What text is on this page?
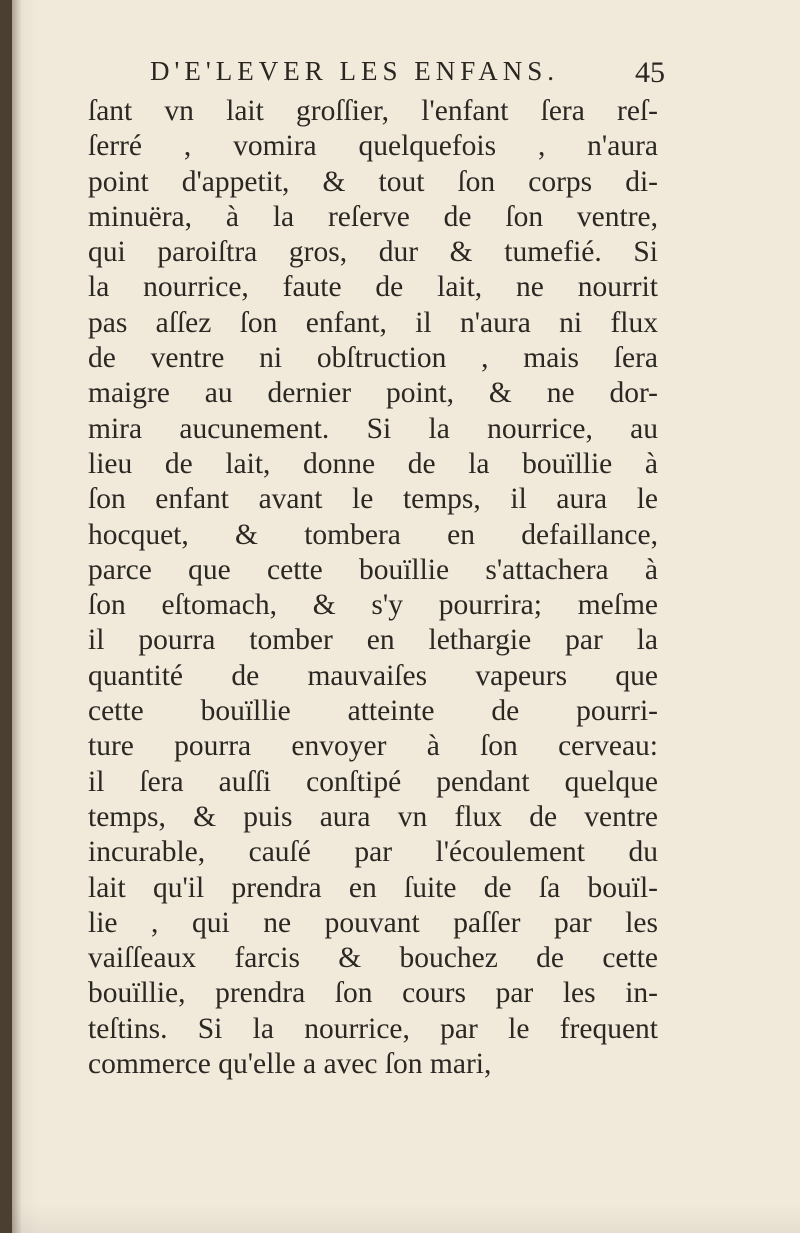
D'E'LEVER LES ENFANS.	45
ſant vn lait groſſier, l'enfant ſera reſ-
ſerré , vomira quelquefois , n'aura
point d'appetit, & tout ſon corps di-
minuëra, à la reſerve de ſon ventre,
qui paroiſtra gros, dur & tumefié. Si
la nourrice, faute de lait, ne nourrit
pas aſſez ſon enfant, il n'aura ni flux
de ventre ni obſtruction , mais ſera
maigre au dernier point, & ne dor-
mira aucunement. Si la nourrice, au
lieu de lait, donne de la bouïllie à
ſon enfant avant le temps, il aura le
hocquet, & tombera en defaillance,
parce que cette bouïllie s'attachera à
ſon eſtomach, & s'y pourrira; meſme
il pourra tomber en lethargie par la
quantité de mauvaiſes vapeurs que
cette bouïllie atteinte de pourri-
ture pourra envoyer à ſon cerveau:
il ſera auſſi conſtipé pendant quelque
temps, & puis aura vn flux de ventre
incurable, cauſé par l'écoulement du
lait qu'il prendra en ſuite de ſa bouïl-
lie , qui ne pouvant paſſer par les
vaiſſeaux farcis & bouchez de cette
bouïllie, prendra ſon cours par les in-
teſtins. Si la nourrice, par le frequent
commerce qu'elle a avec ſon mari,
